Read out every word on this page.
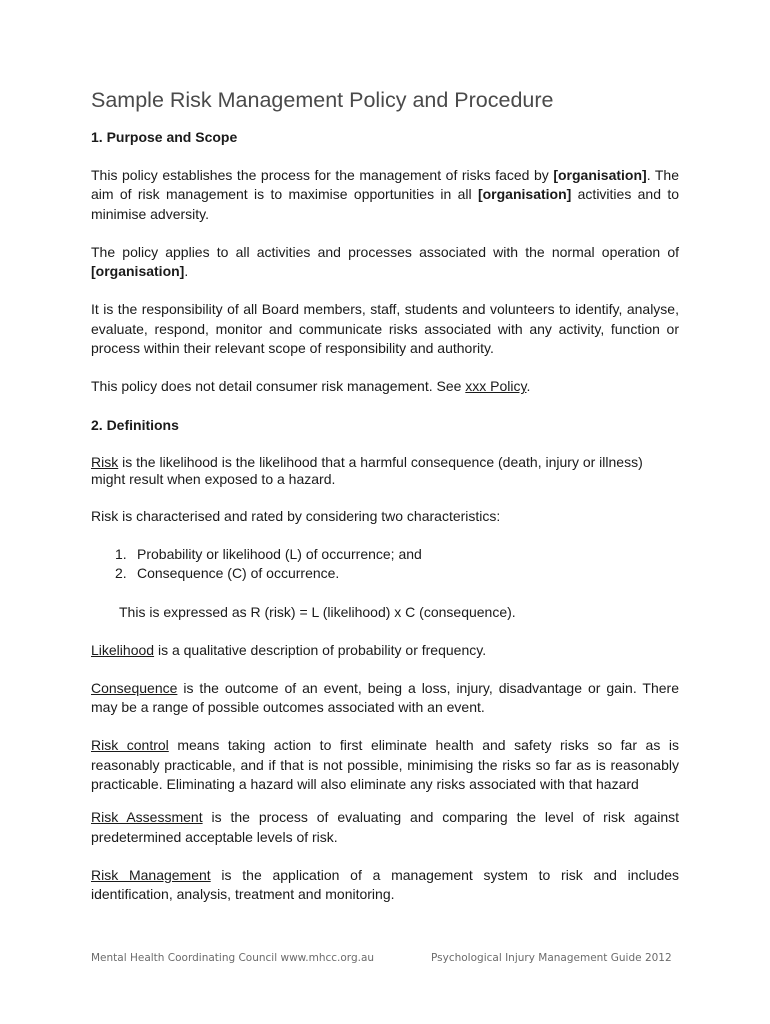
Sample Risk Management Policy and Procedure
1. Purpose and Scope

This policy establishes the process for the management of risks faced by [organisation]. The aim of risk management is to maximise opportunities in all [organisation] activities and to minimise adversity.

The policy applies to all activities and processes associated with the normal operation of [organisation].

It is the responsibility of all Board members, staff, students and volunteers to identify, analyse, evaluate, respond, monitor and communicate risks associated with any activity, function or process within their relevant scope of responsibility and authority.

This policy does not detail consumer risk management. See xxx Policy.

2. Definitions

Risk is the likelihood is the likelihood that a harmful consequence (death, injury or illness) might result when exposed to a hazard.

Risk is characterised and rated by considering two characteristics:

1. Probability or likelihood (L) of occurrence; and
2. Consequence (C) of occurrence.

This is expressed as R (risk) = L (likelihood) x C (consequence).

Likelihood is a qualitative description of probability or frequency.

Consequence is the outcome of an event, being a loss, injury, disadvantage or gain. There may be a range of possible outcomes associated with an event.

Risk control means taking action to first eliminate health and safety risks so far as is reasonably practicable, and if that is not possible, minimising the risks so far as is reasonably practicable. Eliminating a hazard will also eliminate any risks associated with that hazard

Risk Assessment is the process of evaluating and comparing the level of risk against predetermined acceptable levels of risk.

Risk Management is the application of a management system to risk and includes identification, analysis, treatment and monitoring.

Mental Health Coordinating Council www.mhcc.org.au	Psychological Injury Management Guide 2012
